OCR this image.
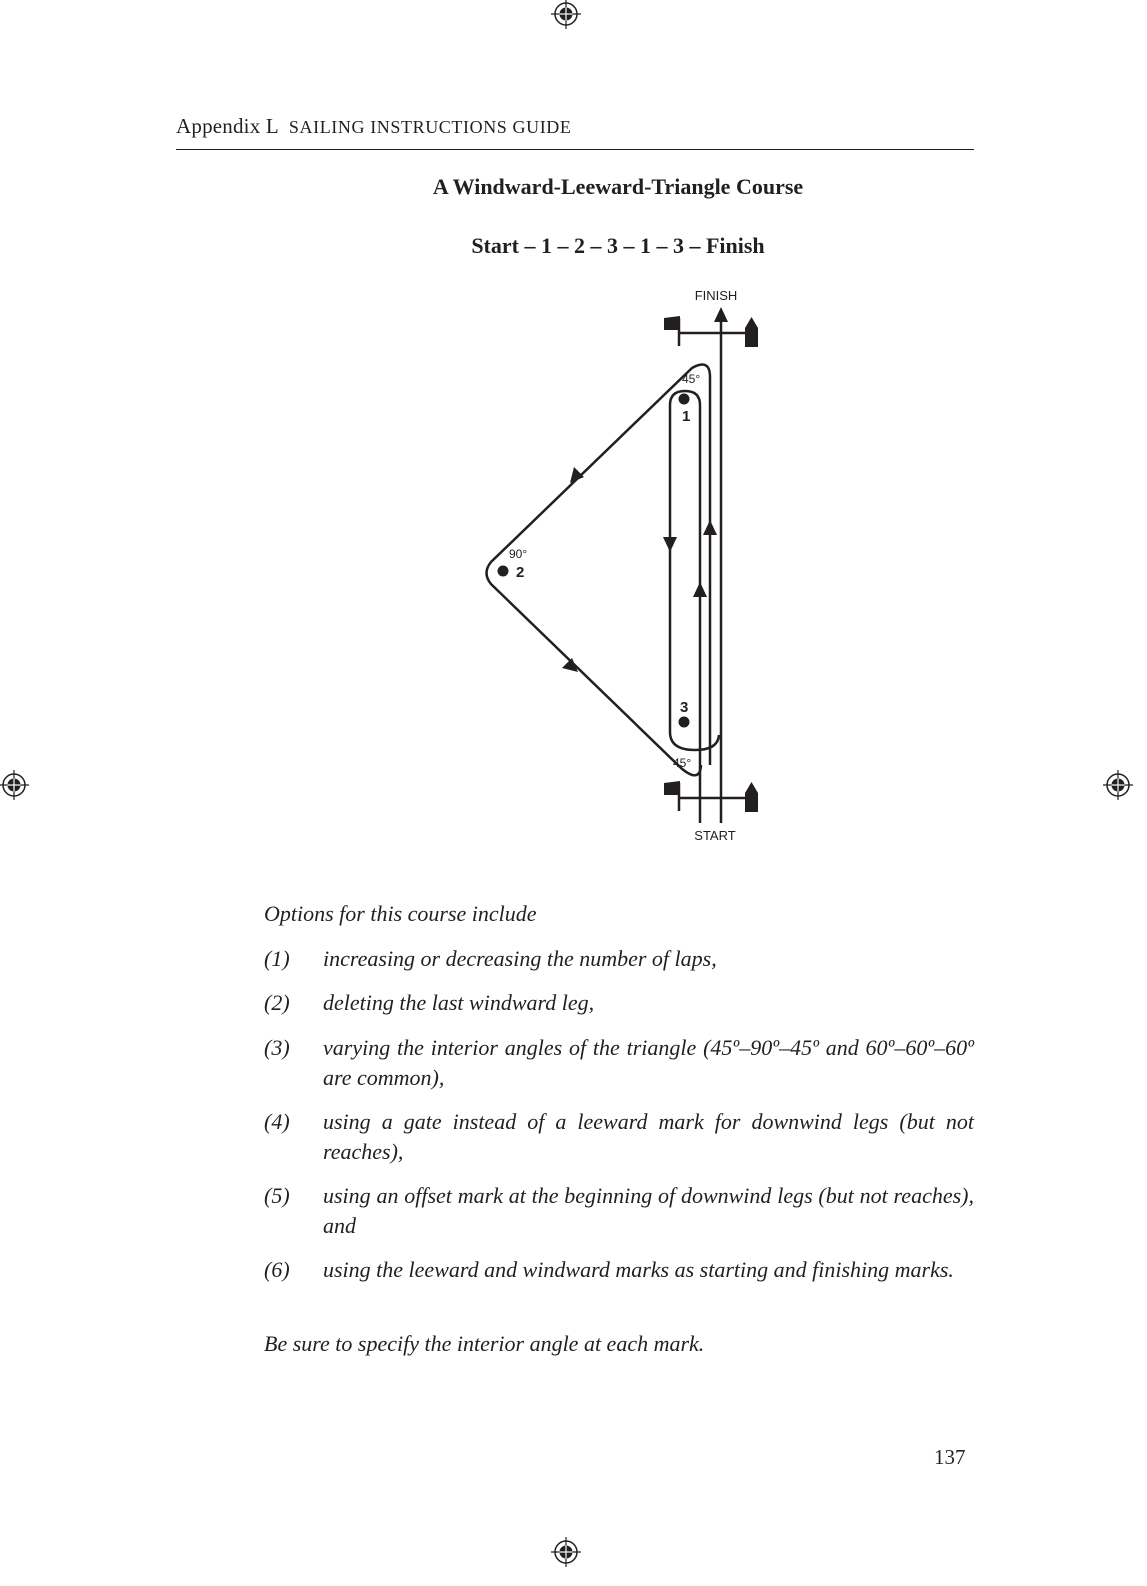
Appendix L SAILING INSTRUCTIONS GUIDE
A Windward-Leeward-Triangle Course
Start – 1 – 2 – 3 – 1 – 3 – Finish
FINISH
START
45°
90°
45°
1
2
3
Options for this course include
(1) increasing or decreasing the number of laps,
(2) deleting the last windward leg,
(3) varying the interior angles of the triangle (45º–90º–45º and 60º–60º–60º are common),
(4) using a gate instead of a leeward mark for downwind legs (but not reaches),
(5) using an offset mark at the beginning of downwind legs (but not reaches), and
(6) using the leeward and windward marks as starting and finishing marks.
Be sure to specify the interior angle at each mark.
137
